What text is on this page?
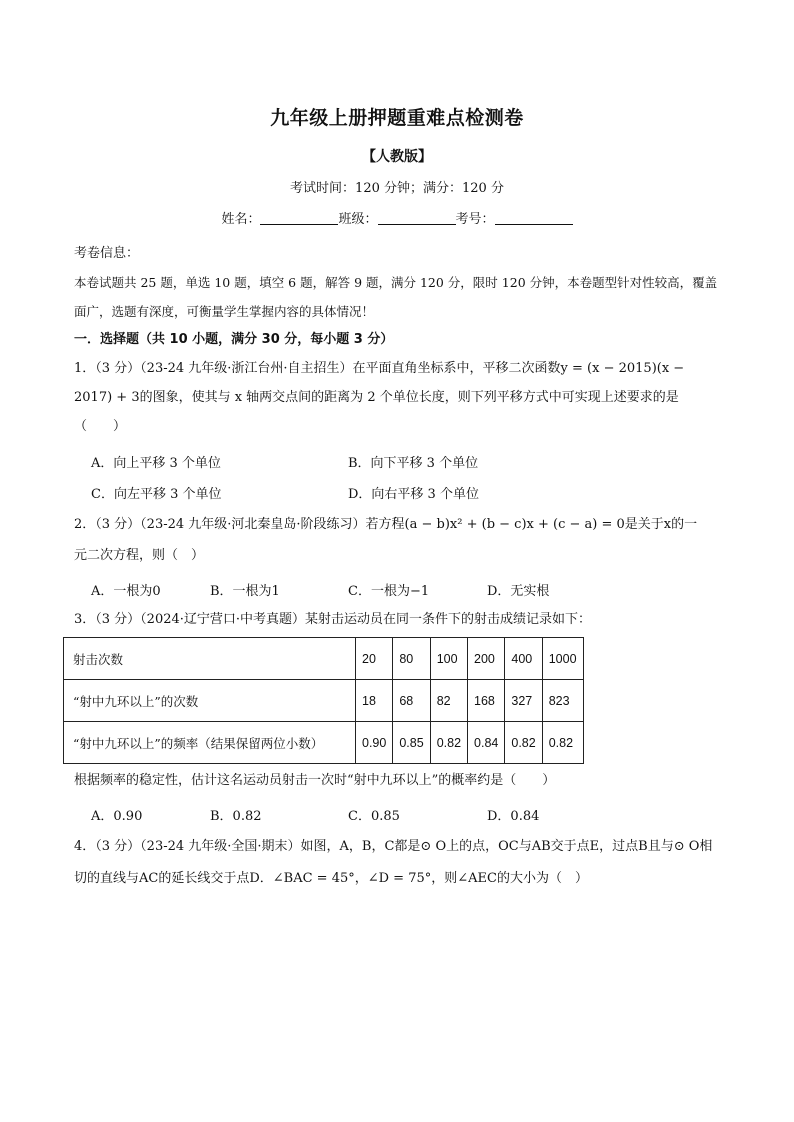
九年级上册押题重难点检测卷
【人教版】
考试时间：120 分钟；满分：120 分
姓名：	班级：	考号：
考卷信息：
本卷试题共 25 题，单选 10 题，填空 6 题，解答 9 题，满分 120 分，限时 120 分钟，本卷题型针对性较高，覆盖
面广，选题有深度，可衡量学生掌握内容的具体情况！
一．选择题（共 10 小题，满分 30 分，每小题 3 分）
1．（3 分）（23-24 九年级·浙江台州·自主招生）在平面直角坐标系中，平移二次函数y = (x − 2015)(x −
2017) + 3的图象，使其与 x 轴两交点间的距离为 2 个单位长度，则下列平移方式中可实现上述要求的是
（　　）
A．向上平移 3 个单位	B．向下平移 3 个单位
C．向左平移 3 个单位	D．向右平移 3 个单位
2．（3 分）（23-24 九年级·河北秦皇岛·阶段练习）若方程(a − b)x² + (b − c)x + (c − a) = 0是关于x的一
元二次方程，则（　）
A．一根为0	B．一根为1	C．一根为−1	D．无实根
3．（3 分）（2024·辽宁营口·中考真题）某射击运动员在同一条件下的射击成绩记录如下：
射击次数	20	80	100	200	400	1000
“射中九环以上”的次数	18	68	82	168	327	823
“射中九环以上”的频率（结果保留两位小数）	0.90	0.85	0.82	0.84	0.82	0.82
根据频率的稳定性，估计这名运动员射击一次时“射中九环以上”的概率约是（　　）
A．0.90	B．0.82	C．0.85	D．0.84
4．（3 分）（23-24 九年级·全国·期末）如图，A，B，C都是⊙ O上的点，OC与AB交于点E，过点B且与⊙ O相
切的直线与AC的延长线交于点D．∠BAC = 45°，∠D = 75°，则∠AEC的大小为（　）
